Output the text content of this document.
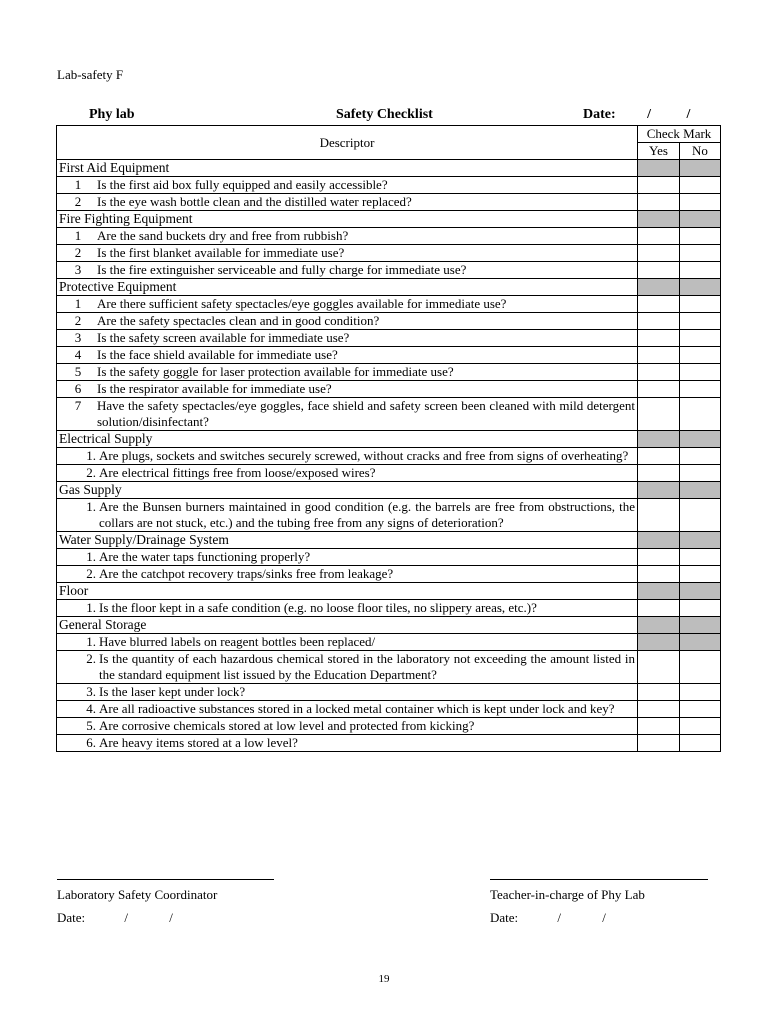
Lab-safety F
Phy lab	Safety Checklist	Date: /	/
Descriptor	Check Mark	
	Yes	No
First Aid Equipment		

1 Is the first aid box fully equipped and easily accessible?		

2 Is the eye wash bottle clean and the distilled water replaced?		

Fire Fighting Equipment		

1 Are the sand buckets dry and free from rubbish?		

2 Is the first blanket available for immediate use?		

3 Is the fire extinguisher serviceable and fully charge for immediate use?		

Protective Equipment		

1 Are there sufficient safety spectacles/eye goggles available for immediate use?		

2 Are the safety spectacles clean and in good condition?		

3 Is the safety screen available for immediate use?		

4 Is the face shield available for immediate use?		

5 Is the safety goggle for laser protection available for immediate use?		

6 Is the respirator available for immediate use?		

7 Have the safety spectacles/eye goggles, face shield and safety screen been cleaned with mild detergent solution/disinfectant?		

Electrical Supply		

1. Are plugs, sockets and switches securely screwed, without cracks and free from signs of overheating?		

2. Are electrical fittings free from loose/exposed wires?		

Gas Supply		

1. Are the Bunsen burners maintained in good condition (e.g. the barrels are free from obstructions, the collars are not stuck, etc.) and the tubing free from any signs of deterioration?		

Water Supply/Drainage System		

1. Are the water taps functioning properly?		

2. Are the catchpot recovery traps/sinks free from leakage?		

Floor		

1. Is the floor kept in a safe condition (e.g. no loose floor tiles, no slippery areas, etc.)?		

General Storage		

1. Have blurred labels on reagent bottles been replaced/		

2. Is the quantity of each hazardous chemical stored in the laboratory not exceeding the amount listed in the standard equipment list issued by the Education Department?		

3. Is the laser kept under lock?		

4. Are all radioactive substances stored in a locked metal container which is kept under lock and key?		

5. Are corrosive chemicals stored at low level and protected from kicking?		

6. Are heavy items stored at a low level?		

Laboratory Safety Coordinator	Teacher-in-charge of Phy Lab
Date:	/	/	Date:	/	/
19
